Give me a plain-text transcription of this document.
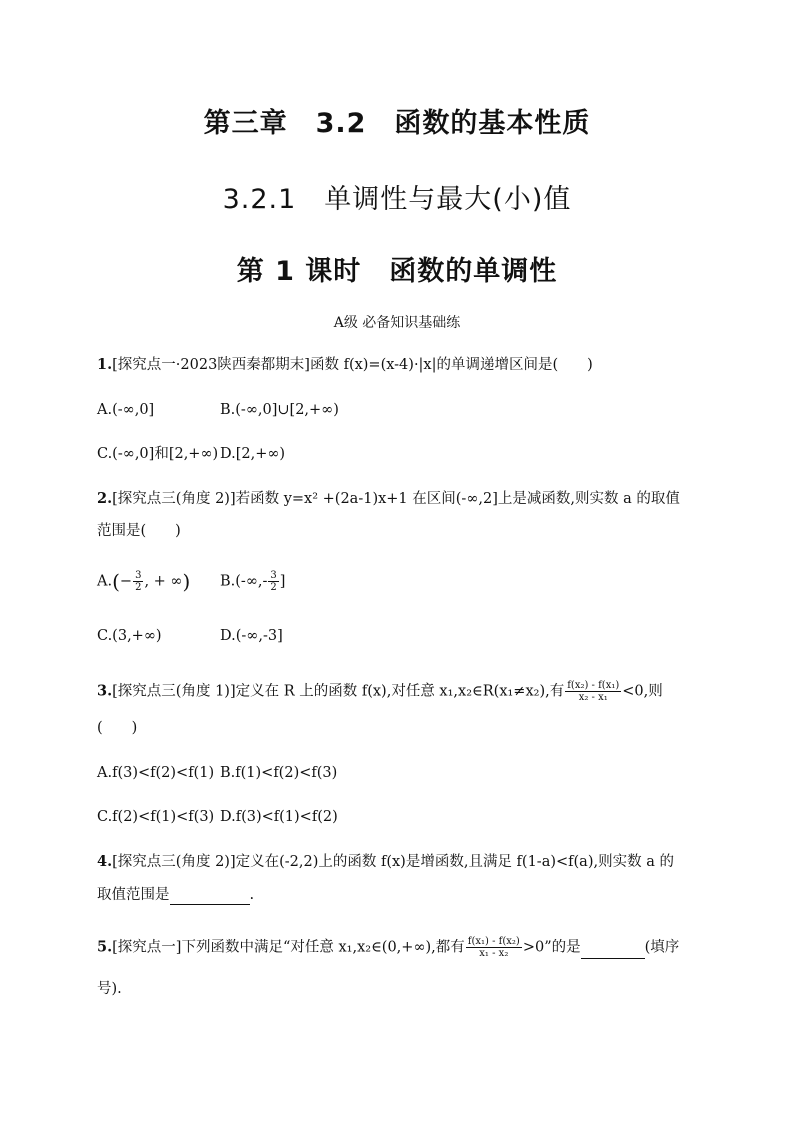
第三章　3.2　函数的基本性质
3.2.1　单调性与最大(小)值
第 1 课时　函数的单调性
A级 必备知识基础练
1.[探究点一·2023陕西秦都期末]函数 f(x)=(x-4)·|x|的单调递增区间是(　　)
A.(-∞,0]	B.(-∞,0]∪[2,+∞)
C.(-∞,0]和[2,+∞) D.[2,+∞)
2.[探究点三(角度 2)]若函数 y=x² +(2a-1)x+1 在区间(-∞,2]上是减函数,则实数 a 的取值
范围是(　　)
$A.(- \frac{3}{2}$ , + ∞) $B.(-\infty,- \frac{3}{2}$ ]
C.(3,+∞)	D.(-∞,-3]
3.[探究点三(角度 1)]定义在 R 上的函数 f(x),对任意 x₁,x₂∈R(x₁≠x₂),有 $\frac{\text{f(x₂) - f(x₁)}}{\text{x₂ - x₁}} <0$,则
(　　)
A.f(3)<f(2)<f(1) B.f(1)<f(2)<f(3)
C.f(2)<f(1)<f(3) D.f(3)<f(1)<f(2)
4.[探究点三(角度 2)]定义在(-2,2)上的函数 f(x)是增函数,且满足 f(1-a)<f(a),则实数 a 的
取值范围是	.
5.[探究点一]下列函数中满足“对任意 x₁,x₂∈(0,+∞),都有 $\frac{\text{f(x₁) - f(x₂)}}{\text{x₁ - x₂}} >0$”的是	(填序
号).
